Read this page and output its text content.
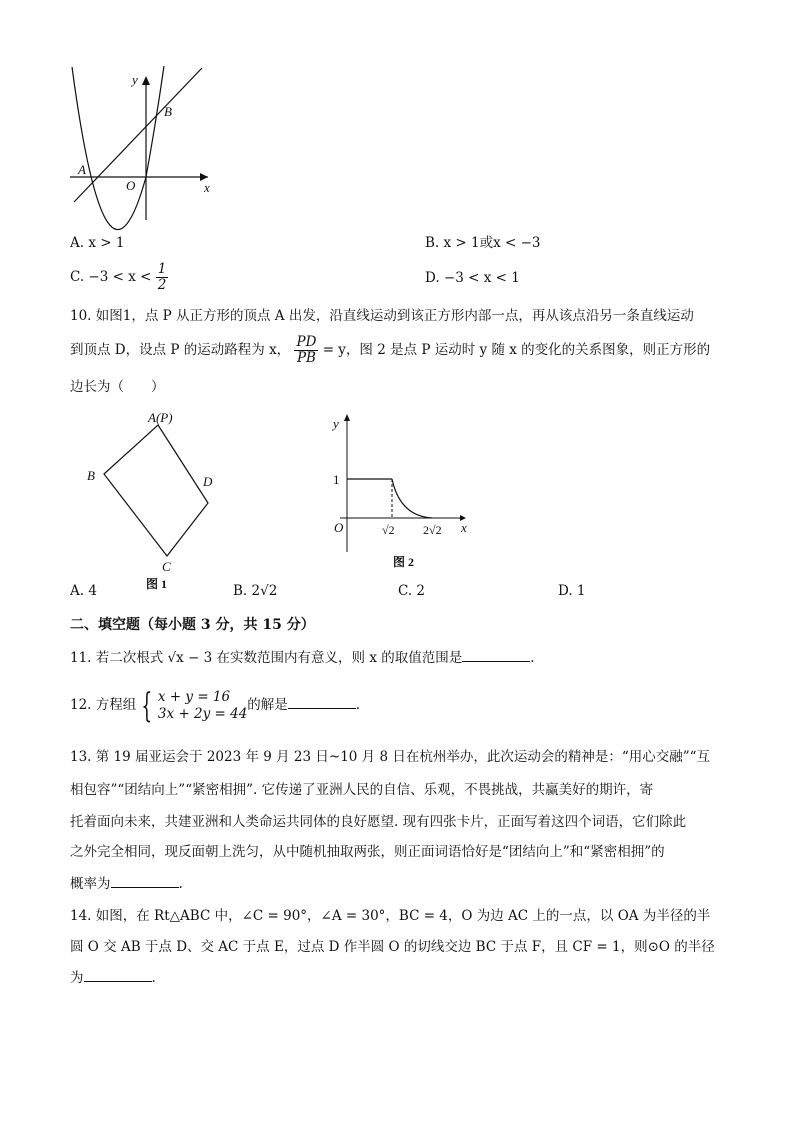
y
B
A
O	x
A. x > 1	B. x > 1或x < −3
C. $-3 < x < \frac{1}{2}$	D. −3 < x < 1
10. 如图1，点 P 从正方形的顶点 A 出发，沿直线运动到该正方形内部一点，再从该点沿另一条直线运动
到顶点 D，设点 P 的运动路程为 x， $\frac{PD}{PB} = y$，图 2 是点 P 运动时 y 随 x 的变化的关系图象，则正方形的
边长为（　　）
A(P)
B	D
C
图 1
y
1
O	√2 2√2 x
图 2
A. 4	B. 2√2	C. 2	D. 1
二、填空题（每小题 3 分，共 15 分）
11. 若二次根式 √x − 3 在实数范围内有意义，则 x 的取值范围是	.
12. 方程组 { x + y = 16
3x + 2y = 44
的解是	.
13. 第 19 届亚运会于 2023 年 9 月 23 日~10 月 8 日在杭州举办，此次运动会的精神是：“用心交融”“互
相包容”“团结向上”“紧密相拥”. 它传递了亚洲人民的自信、乐观，不畏挑战，共赢美好的期许，寄
托着面向未来，共建亚洲和人类命运共同体的良好愿望. 现有四张卡片，正面写着这四个词语，它们除此
之外完全相同，现反面朝上洗匀，从中随机抽取两张，则正面词语恰好是“团结向上”和“紧密相拥”的
概率为	.
14. 如图，在 Rt△ABC 中，∠C = 90°，∠A = 30°，BC = 4，O 为边 AC 上的一点，以 OA 为半径的半
圆 O 交 AB 于点 D、交 AC 于点 E，过点 D 作半圆 O 的切线交边 BC 于点 F，且 CF = 1，则⊙O 的半径
为	.
